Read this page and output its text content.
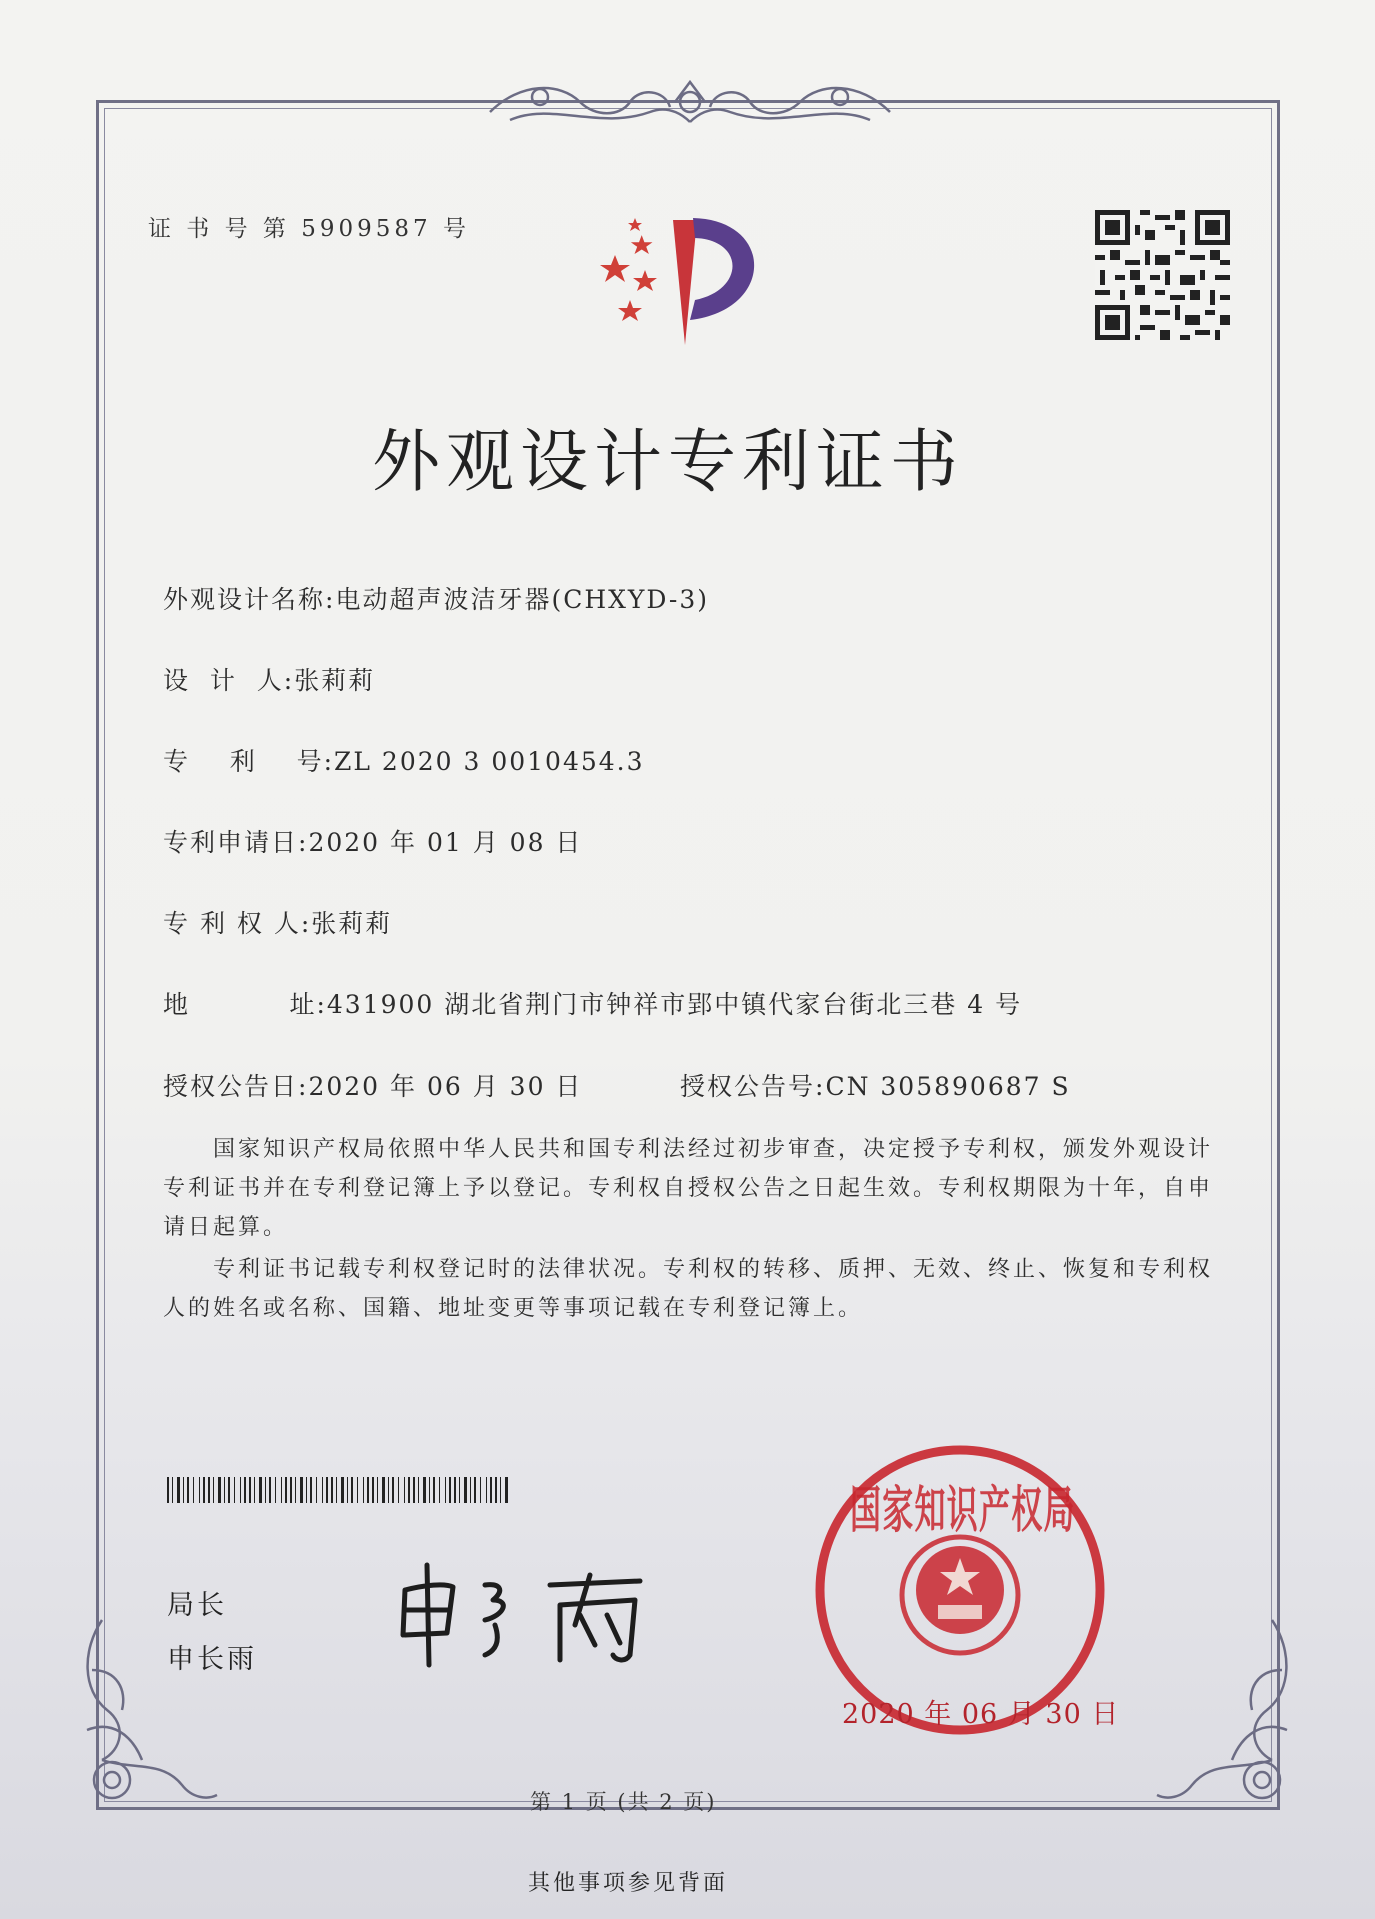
证 书 号 第 5909587 号
外观设计专利证书
外观设计名称:电动超声波洁牙器(CHXYD-3)
设  计  人:张莉莉
专    利    号:ZL 2020 3 0010454.3
专利申请日:2020 年 01 月 08 日
专 利 权 人:张莉莉
地          址:431900 湖北省荆门市钟祥市郢中镇代家台街北三巷 4 号
授权公告日:2020 年 06 月 30 日	授权公告号:CN 305890687 S
国家知识产权局依照中华人民共和国专利法经过初步审查，决定授予专利权，颁发外观设计专利证书并在专利登记簿上予以登记。专利权自授权公告之日起生效。专利权期限为十年，自申请日起算。
专利证书记载专利权登记时的法律状况。专利权的转移、质押、无效、终止、恢复和专利权人的姓名或名称、国籍、地址变更等事项记载在专利登记簿上。
局长
申长雨
国家知识产权局
2020 年 06 月 30 日
第 1 页 (共 2 页)
其他事项参见背面
